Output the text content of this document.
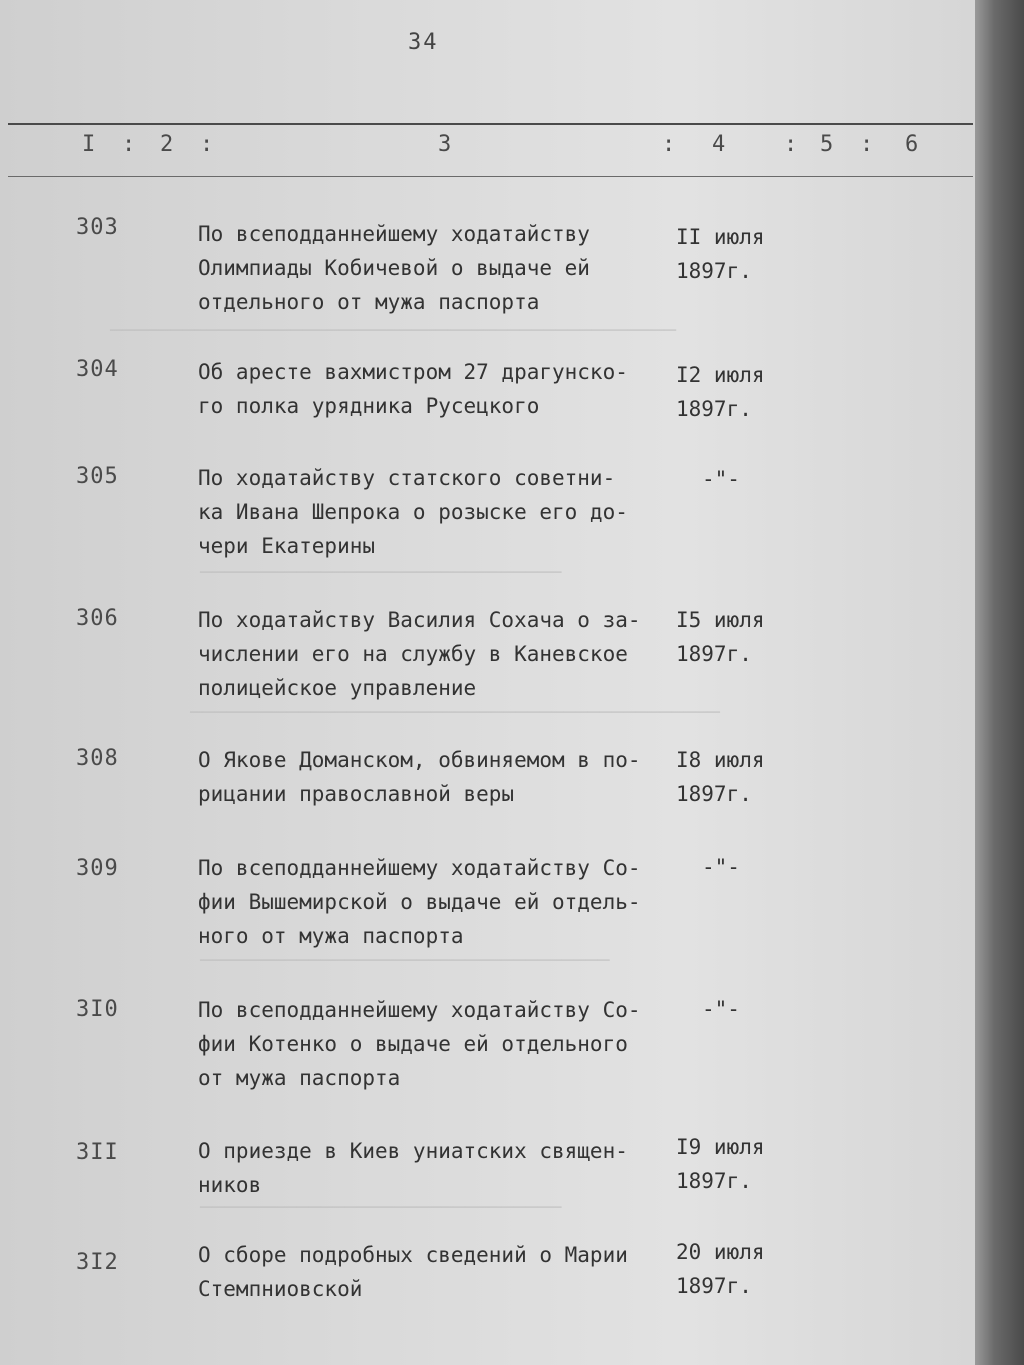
34
I : 2 :	3	: 4	: 5 : 6
───────────────────────────────────────────────
──────────────────────────────
────────────────────────────────────────────
──────────────────────────────────
──────────────────────────────
303	По всеподданнейшему ходатайству
Олимпиады Кобичевой о выдаче ей
отдельного от мужа паспорта
II июля
1897г.
304	Об аресте вахмистром 27 драгунско-
го полка урядника Русецкого
I2 июля
1897г.
305	По ходатайству статского советни-
ка Ивана Шепрока о розыске его до-
чери Екатерины
-"-
306	По ходатайству Василия Сохача о за-
числении его на службу в Каневское
полицейское управление
I5 июля
1897г.
308	О Якове Доманском, обвиняемом в по-
рицании православной веры
I8 июля
1897г.
309	По всеподданнейшему ходатайству Со-
фии Вышемирской о выдаче ей отдель-
ного от мужа паспорта
-"-
3I0	По всеподданнейшему ходатайству Со-
фии Котенко о выдаче ей отдельного
от мужа паспорта
-"-
3II	О приезде в Киев униатских священ-
ников
I9 июля
1897г.
3I2	О сборе подробных сведений о Марии
Стемпниовской
20 июля
1897г.
